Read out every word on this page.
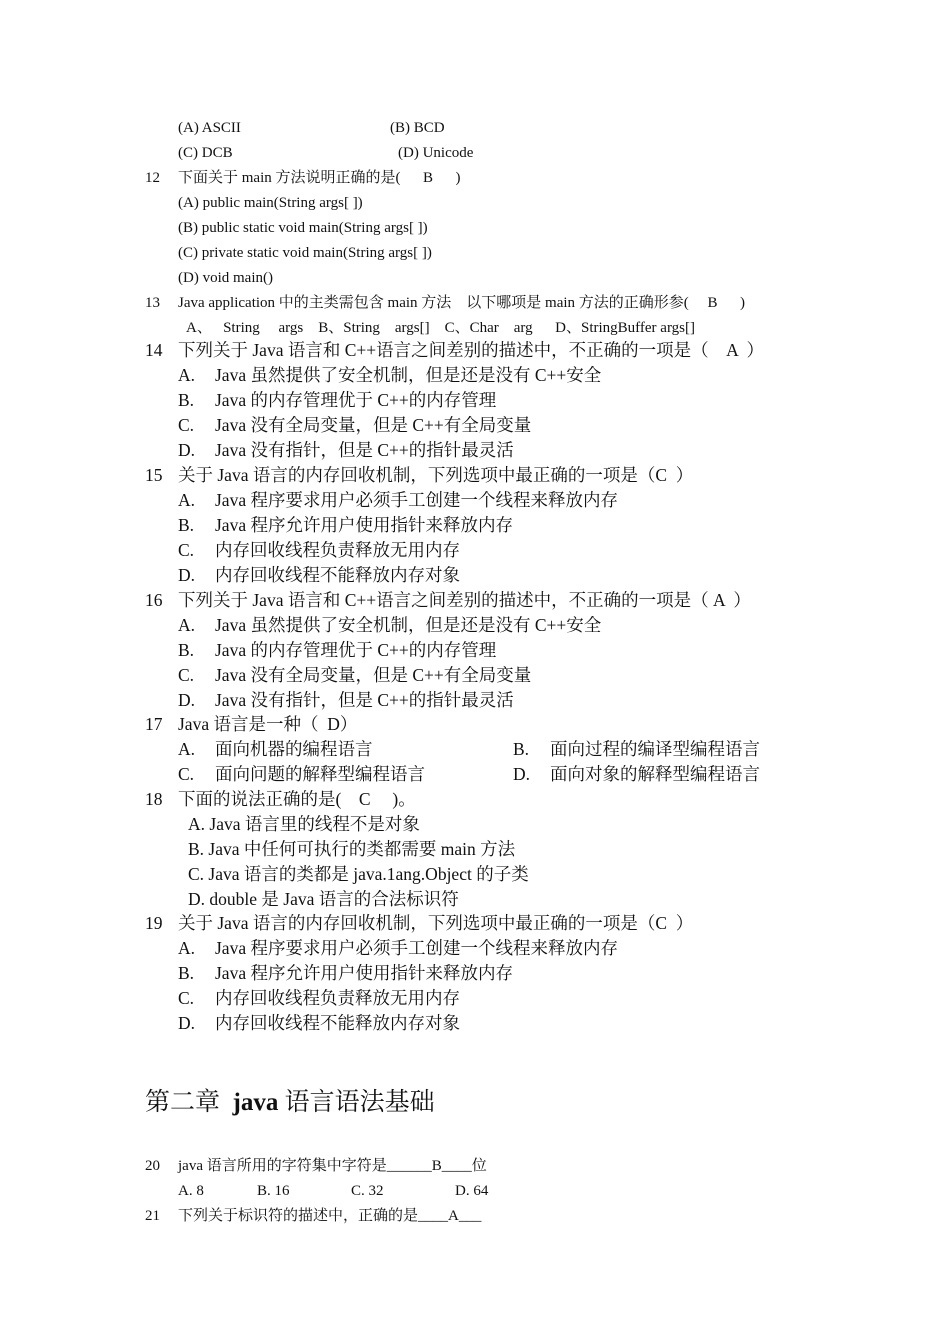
(A) ASCII	(B) BCD
(C) DCB	(D) Unicode
12 下面关于 main 方法说明正确的是(      B      )
(A) public main(String args[ ])
(B) public static void main(String args[ ])
(C) private static void main(String args[ ])
(D) void main()
13 Java application 中的主类需包含 main 方法    以下哪项是 main 方法的正确形参(     B      )
A、   String     args    B、String    args[]    C、Char    arg      D、StringBuffer args[]
14 下列关于 Java 语言和 C++语言之间差别的描述中，不正确的一项是（    A  ）
A. Java 虽然提供了安全机制，但是还是没有 C++安全
B. Java 的内存管理优于 C++的内存管理
C. Java 没有全局变量，但是 C++有全局变量
D. Java 没有指针，但是 C++的指针最灵活
15 关于 Java 语言的内存回收机制，下列选项中最正确的一项是（C  ）
A. Java 程序要求用户必须手工创建一个线程来释放内存
B. Java 程序允许用户使用指针来释放内存
C. 内存回收线程负责释放无用内存
D. 内存回收线程不能释放内存对象
16 下列关于 Java 语言和 C++语言之间差别的描述中，不正确的一项是（ A  ）
A. Java 虽然提供了安全机制，但是还是没有 C++安全
B. Java 的内存管理优于 C++的内存管理
C. Java 没有全局变量，但是 C++有全局变量
D. Java 没有指针，但是 C++的指针最灵活
17 Java 语言是一种（  D）
A. 面向机器的编程语言	B. 面向过程的编译型编程语言
C. 面向问题的解释型编程语言	D. 面向对象的解释型编程语言
18 下面的说法正确的是(    C     )。
A. Java 语言里的线程不是对象
B. Java 中任何可执行的类都需要 main 方法
C. Java 语言的类都是 java.1ang.Object 的子类
D. double 是 Java 语言的合法标识符
19 关于 Java 语言的内存回收机制，下列选项中最正确的一项是（C  ）
A. Java 程序要求用户必须手工创建一个线程来释放内存
B. Java 程序允许用户使用指针来释放内存
C. 内存回收线程负责释放无用内存
D. 内存回收线程不能释放内存对象
第二章  java 语言语法基础
20 java 语言所用的字符集中字符是______B____位
A. 8	B. 16	C. 32	D. 64
21 下列关于标识符的描述中，正确的是____A___
